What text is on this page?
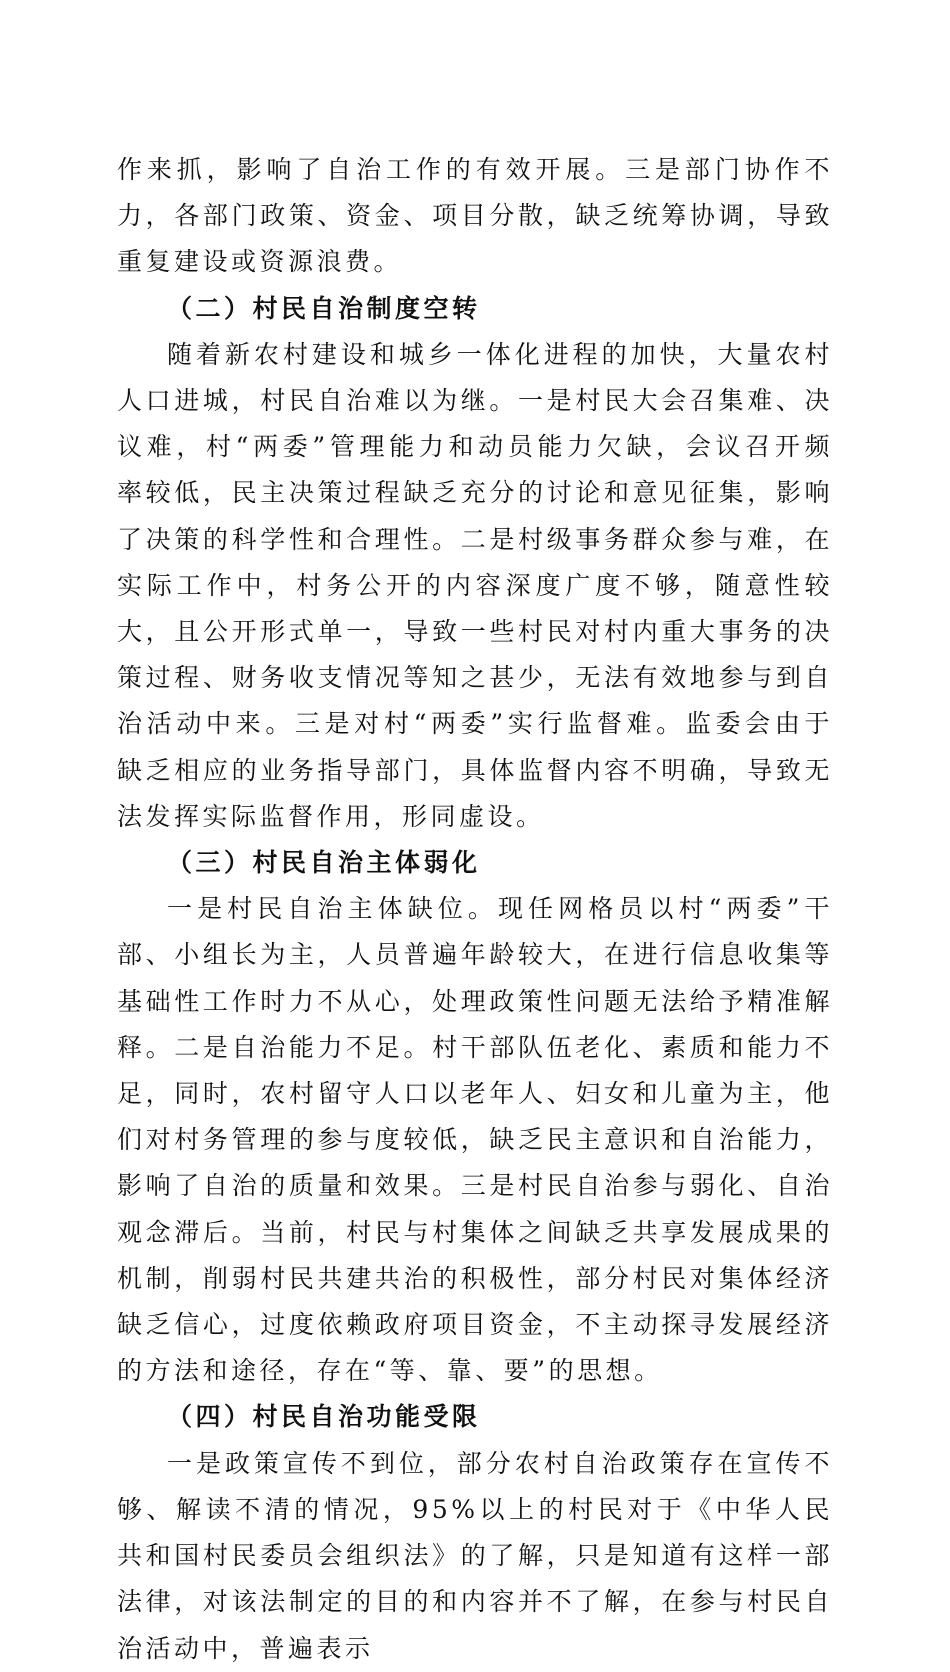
作来抓，影响了自治工作的有效开展。三是部门协作不力，各部门政策、资金、项目分散，缺乏统筹协调，导致重复建设或资源浪费。

（二）村民自治制度空转

随着新农村建设和城乡一体化进程的加快，大量农村人口进城，村民自治难以为继。一是村民大会召集难、决议难，村“两委”管理能力和动员能力欠缺，会议召开频率较低，民主决策过程缺乏充分的讨论和意见征集，影响了决策的科学性和合理性。二是村级事务群众参与难，在实际工作中，村务公开的内容深度广度不够，随意性较大，且公开形式单一，导致一些村民对村内重大事务的决策过程、财务收支情况等知之甚少，无法有效地参与到自治活动中来。三是对村“两委”实行监督难。监委会由于缺乏相应的业务指导部门，具体监督内容不明确，导致无法发挥实际监督作用，形同虚设。

（三）村民自治主体弱化

一是村民自治主体缺位。现任网格员以村“两委”干部、小组长为主，人员普遍年龄较大，在进行信息收集等基础性工作时力不从心，处理政策性问题无法给予精准解释。二是自治能力不足。村干部队伍老化、素质和能力不足，同时，农村留守人口以老年人、妇女和儿童为主，他们对村务管理的参与度较低，缺乏民主意识和自治能力，影响了自治的质量和效果。三是村民自治参与弱化、自治观念滞后。当前，村民与村集体之间缺乏共享发展成果的机制，削弱村民共建共治的积极性，部分村民对集体经济缺乏信心，过度依赖政府项目资金，不主动探寻发展经济的方法和途径，存在“等、靠、要”的思想。

（四）村民自治功能受限

一是政策宣传不到位，部分农村自治政策存在宣传不够、解读不清的情况，95%以上的村民对于《中华人民共和国村民委员会组织法》的了解，只是知道有这样一部法律，对该法制定的目的和内容并不了解，在参与村民自治活动中，普遍表示
